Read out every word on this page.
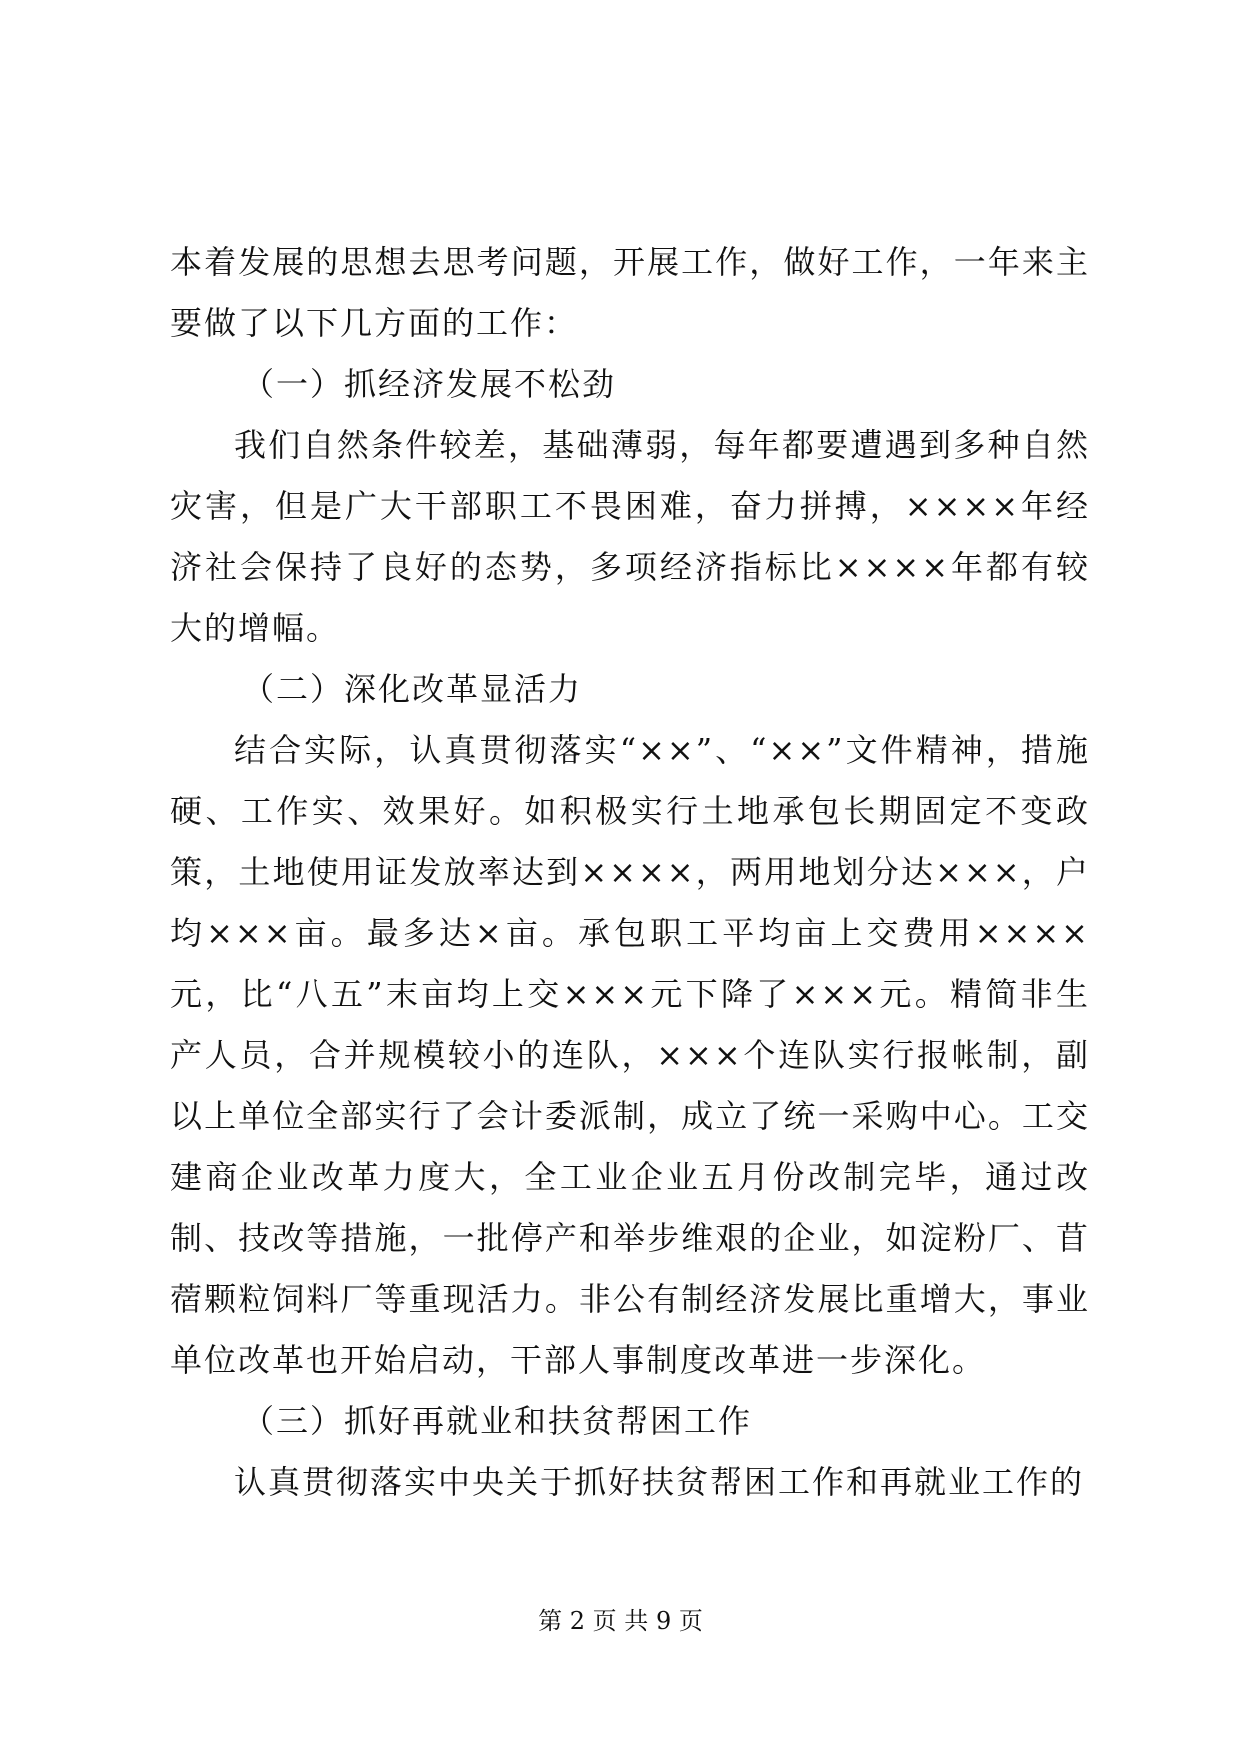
本着发展的思想去思考问题，开展工作，做好工作，一年来主要做了以下几方面的工作：

（一）抓经济发展不松劲

我们自然条件较差，基础薄弱，每年都要遭遇到多种自然灾害，但是广大干部职工不畏困难，奋力拼搏，××××年经济社会保持了良好的态势，多项经济指标比××××年都有较大的增幅。

（二）深化改革显活力

结合实际，认真贯彻落实“××”、“××”文件精神，措施硬、工作实、效果好。如积极实行土地承包长期固定不变政策，土地使用证发放率达到××××，两用地划分达×××，户均×××亩。最多达×亩。承包职工平均亩上交费用××××元，比“八五”末亩均上交×××元下降了×××元。精简非生产人员，合并规模较小的连队，×××个连队实行报帐制，副以上单位全部实行了会计委派制，成立了统一采购中心。工交建商企业改革力度大，全工业企业五月份改制完毕，通过改制、技改等措施，一批停产和举步维艰的企业，如淀粉厂、苜蓿颗粒饲料厂等重现活力。非公有制经济发展比重增大，事业单位改革也开始启动，干部人事制度改革进一步深化。

（三）抓好再就业和扶贫帮困工作

认真贯彻落实中央关于抓好扶贫帮困工作和再就业工作的

第 2 页 共 9 页
